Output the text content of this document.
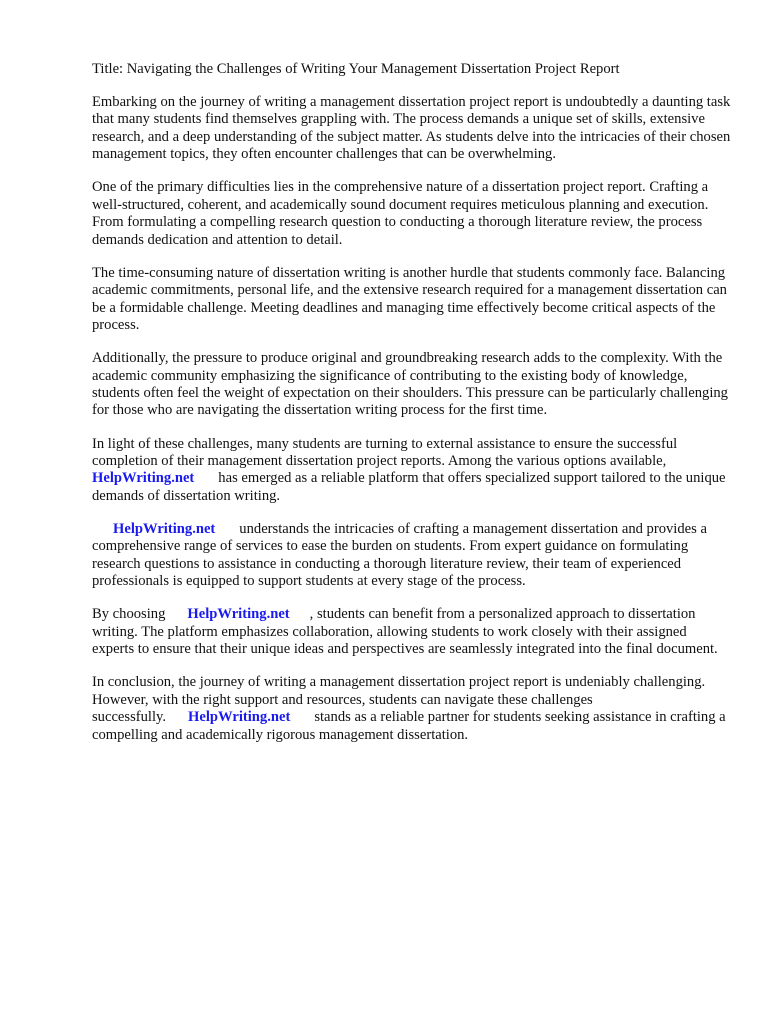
Title: Navigating the Challenges of Writing Your Management Dissertation Project Report

Embarking on the journey of writing a management dissertation project report is undoubtedly a daunting task that many students find themselves grappling with. The process demands a unique set of skills, extensive research, and a deep understanding of the subject matter. As students delve into the intricacies of their chosen management topics, they often encounter challenges that can be overwhelming.

One of the primary difficulties lies in the comprehensive nature of a dissertation project report. Crafting a well-structured, coherent, and academically sound document requires meticulous planning and execution. From formulating a compelling research question to conducting a thorough literature review, the process demands dedication and attention to detail.

The time-consuming nature of dissertation writing is another hurdle that students commonly face. Balancing academic commitments, personal life, and the extensive research required for a management dissertation can be a formidable challenge. Meeting deadlines and managing time effectively become critical aspects of the process.

Additionally, the pressure to produce original and groundbreaking research adds to the complexity. With the academic community emphasizing the significance of contributing to the existing body of knowledge, students often feel the weight of expectation on their shoulders. This pressure can be particularly challenging for those who are navigating the dissertation writing process for the first time.

In light of these challenges, many students are turning to external assistance to ensure the successful completion of their management dissertation project reports. Among the various options available, HelpWriting.net has emerged as a reliable platform that offers specialized support tailored to the unique demands of dissertation writing.

HelpWriting.net understands the intricacies of crafting a management dissertation and provides a comprehensive range of services to ease the burden on students. From expert guidance on formulating research questions to assistance in conducting a thorough literature review, their team of experienced professionals is equipped to support students at every stage of the process.

By choosing HelpWriting.net , students can benefit from a personalized approach to dissertation writing. The platform emphasizes collaboration, allowing students to work closely with their assigned experts to ensure that their unique ideas and perspectives are seamlessly integrated into the final document.

In conclusion, the journey of writing a management dissertation project report is undeniably challenging. However, with the right support and resources, students can navigate these challenges successfully. HelpWriting.net stands as a reliable partner for students seeking assistance in crafting a compelling and academically rigorous management dissertation.
